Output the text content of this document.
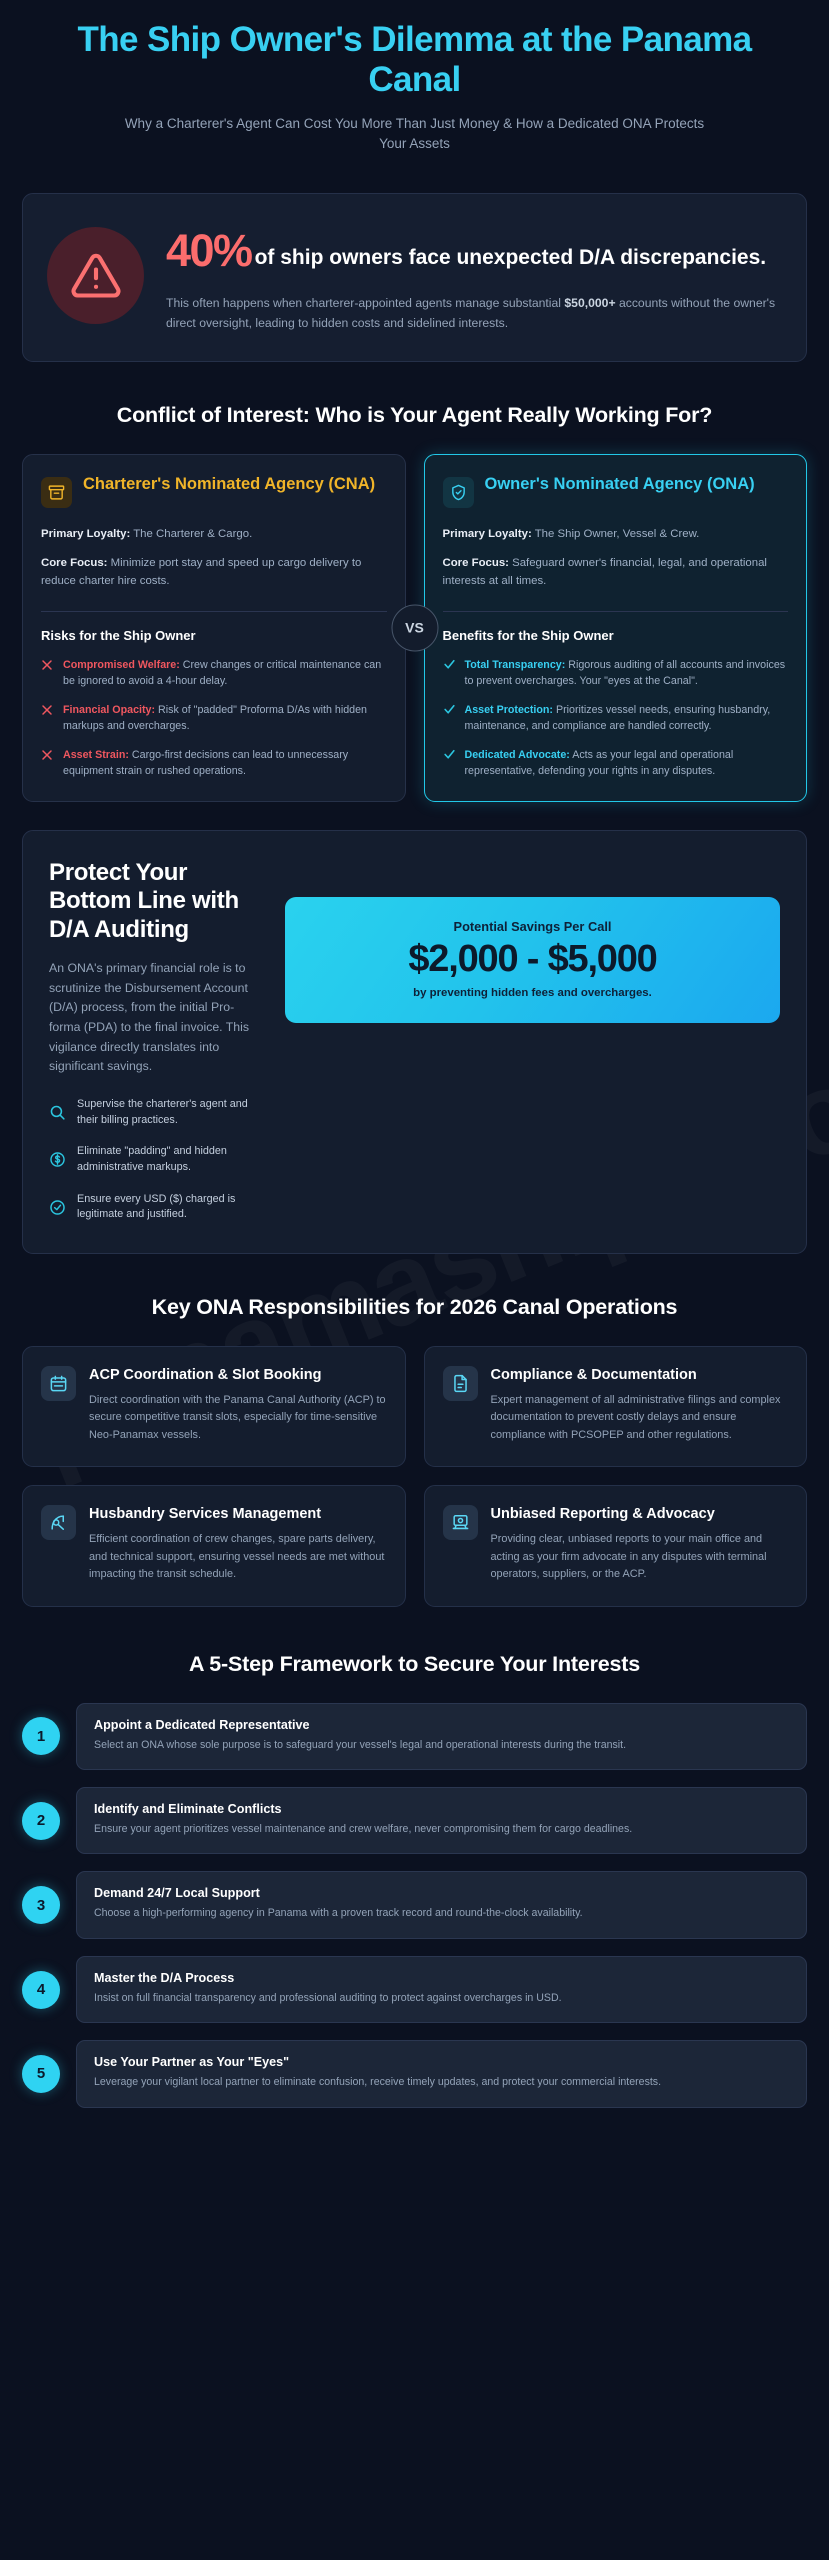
The Ship Owner's Dilemma at the Panama Canal

Why a Charterer's Agent Can Cost You More Than Just Money & How a Dedicated ONA Protects Your Assets

40% of ship owners face unexpected D/A discrepancies.
This often happens when charterer-appointed agents manage substantial $50,000+ accounts without the owner's direct oversight, leading to hidden costs and sidelined interests.
Conflict of Interest: Who is Your Agent Really Working For?
Charterer's Nominated Agency (CNA)
Primary Loyalty: The Charterer & Cargo.
Core Focus: Minimize port stay and speed up cargo delivery to reduce charter hire costs.
Risks for the Ship Owner
Compromised Welfare: Crew changes or critical maintenance can be ignored to avoid a 4-hour delay.
Financial Opacity: Risk of "padded" Proforma D/As with hidden markups and overcharges.
Asset Strain: Cargo-first decisions can lead to unnecessary equipment strain or rushed operations.
Owner's Nominated Agency (ONA)
Primary Loyalty: The Ship Owner, Vessel & Crew.
Core Focus: Safeguard owner's financial, legal, and operational interests at all times.
Benefits for the Ship Owner
Total Transparency: Rigorous auditing of all accounts and invoices to prevent overcharges. Your "eyes at the Canal".
Asset Protection: Prioritizes vessel needs, ensuring husbandry, maintenance, and compliance are handled correctly.
Dedicated Advocate: Acts as your legal and operational representative, defending your rights in any disputes.
VS
Protect Your Bottom Line with D/A Auditing

An ONA's primary financial role is to scrutinize the Disbursement Account (D/A) process, from the initial Pro-forma (PDA) to the final invoice. This vigilance directly translates into significant savings.

Supervise the charterer's agent and their billing practices.
Eliminate "padding" and hidden administrative markups.
Ensure every USD ($) charged is legitimate and justified.
Potential Savings Per Call
$2,000 - $5,000
by preventing hidden fees and overcharges.
Key ONA Responsibilities for 2026 Canal Operations
ACP Coordination & Slot Booking

Direct coordination with the Panama Canal Authority (ACP) to secure competitive transit slots, especially for time-sensitive Neo-Panamax vessels.

Compliance & Documentation

Expert management of all administrative filings and complex documentation to prevent costly delays and ensure compliance with PCSOPEP and other regulations.

Husbandry Services Management

Efficient coordination of crew changes, spare parts delivery, and technical support, ensuring vessel needs are met without impacting the transit schedule.

Unbiased Reporting & Advocacy

Providing clear, unbiased reports to your main office and acting as your firm advocate in any disputes with terminal operators, suppliers, or the ACP.

A 5-Step Framework to Secure Your Interests
1
Appoint a Dedicated Representative

Select an ONA whose sole purpose is to safeguard your vessel's legal and operational interests during the transit.

2
Identify and Eliminate Conflicts

Ensure your agent prioritizes vessel maintenance and crew welfare, never compromising them for cargo deadlines.

3
Demand 24/7 Local Support

Choose a high-performing agency in Panama with a proven track record and round-the-clock availability.

4
Master the D/A Process

Insist on full financial transparency and professional auditing to protect against overcharges in USD.

5
Use Your Partner as Your "Eyes"

Leverage your vigilant local partner to eliminate confusion, receive timely updates, and protect your commercial interests.
